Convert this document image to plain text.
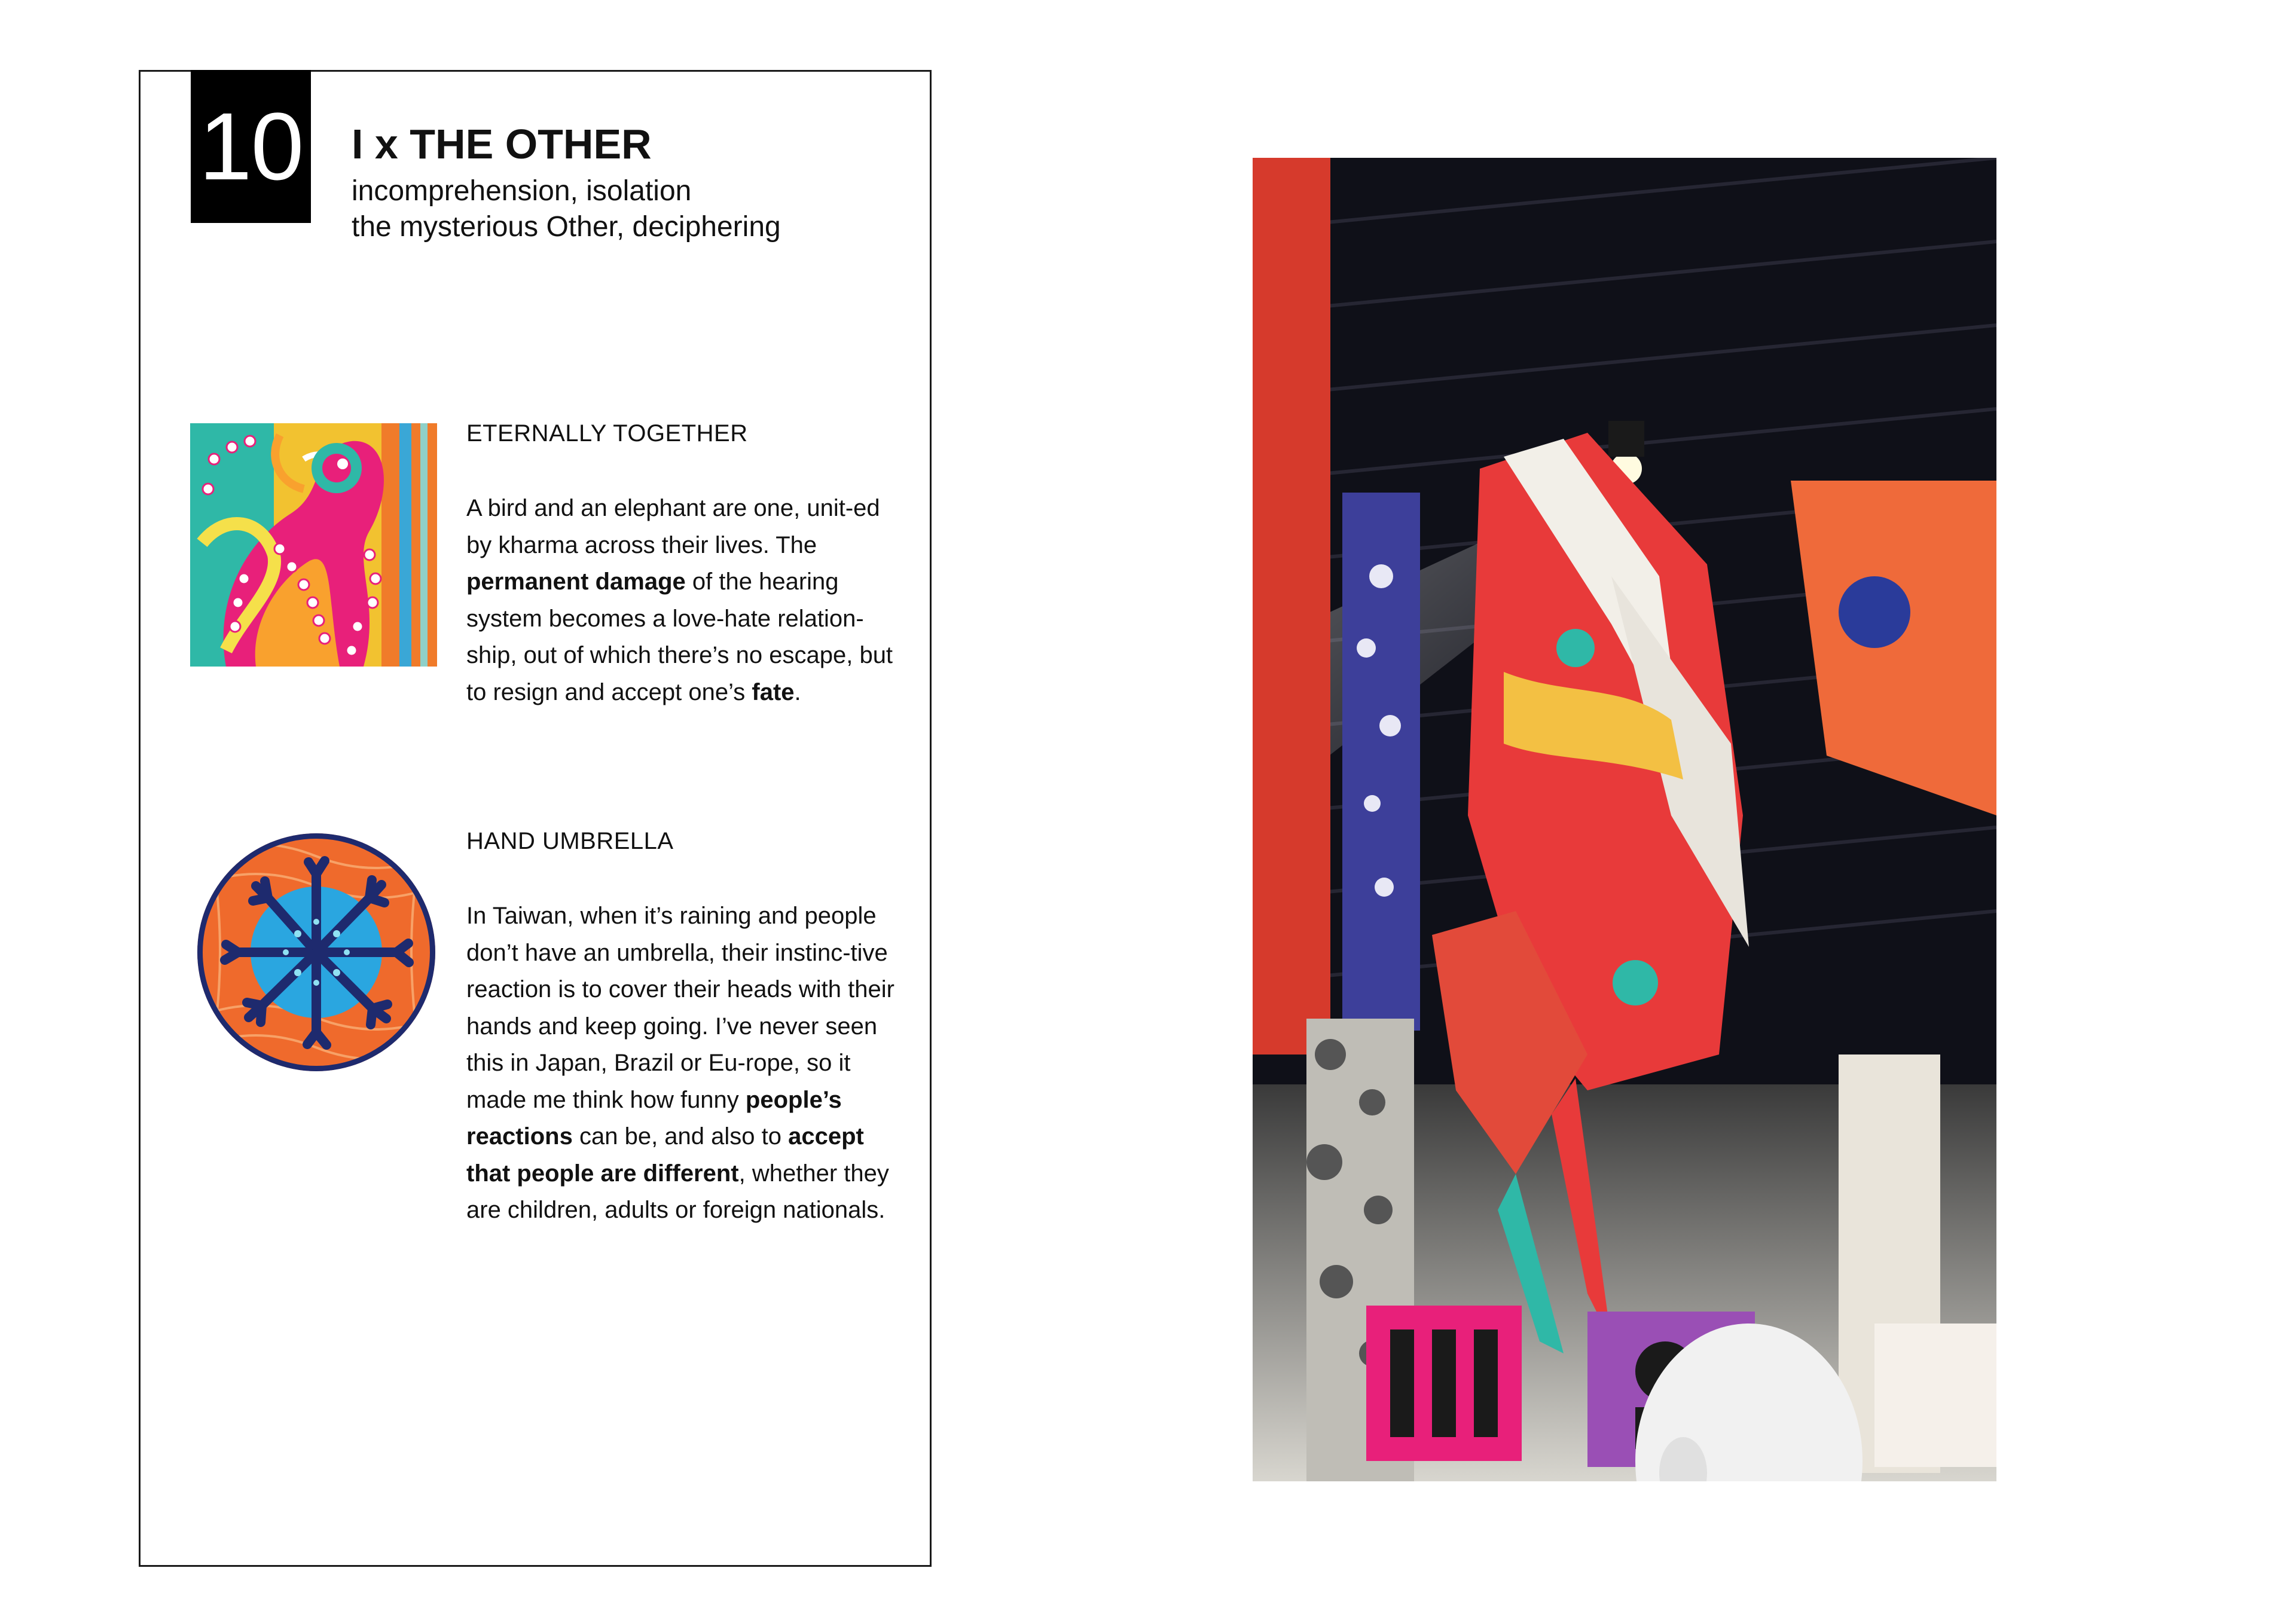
10 I x THE OTHER
incomprehension, isolation
the mysterious Other, deciphering
ETERNALLY TOGETHER
A bird and an elephant are one, unit-ed by kharma across their lives. The permanent damage of the hearing system becomes a love-hate relation-ship, out of which there’s no escape, but to resign and accept one’s fate.
HAND UMBRELLA
In Taiwan, when it’s raining and people don’t have an umbrella, their instinc-tive reaction is to cover their heads with their hands and keep going. I’ve never seen this in Japan, Brazil or Eu-rope, so it made me think how funny people’s reactions can be, and also to accept that people are different, whether they are children, adults or foreign nationals.
